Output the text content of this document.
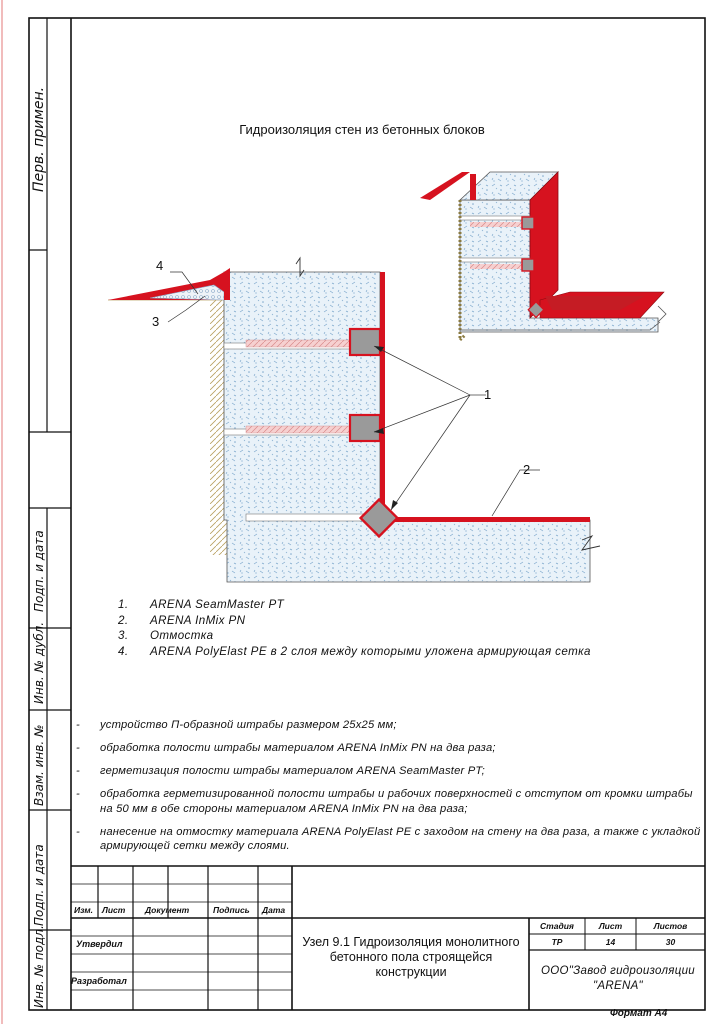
1
2
3
4
Гидроизоляция стен из бетонных блоков
Перв. примен.
Подп. и дата
Инв. № дубл.
Взам. инв. №
Подп. и дата
Инв. № подл.
1. ARENA SeamMaster PT
2. ARENA InMix PN
3. Отмостка
4. ARENA PolyElast PE в 2 слоя между которыми уложена армирующая сетка
- устройство П-образной штрабы размером 25х25 мм;
- обработка полости штрабы материалом ARENA InMix PN на два раза;
- герметизация полости штрабы материалом ARENA SeamMaster PT;
- обработка герметизированной полости штрабы и рабочих поверхностей с отступом от кромки штрабы на 50 мм в обе стороны материалом ARENA InMix PN на два раза;
- нанесение на отмостку материала ARENA PolyElast PE с заходом на стену на два раза, а также с укладкой армирующей сетки между слоями.
Изм. Лист Документ	Подпись Дата
Утвердил
Разработал
Узел 9.1 Гидроизоляция монолитного бетонного пола строящейся конструкции
Стадия	Лист	Листов
ТР	14	30
ООО"Завод гидроизоляции "ARENA"
Формат А4
